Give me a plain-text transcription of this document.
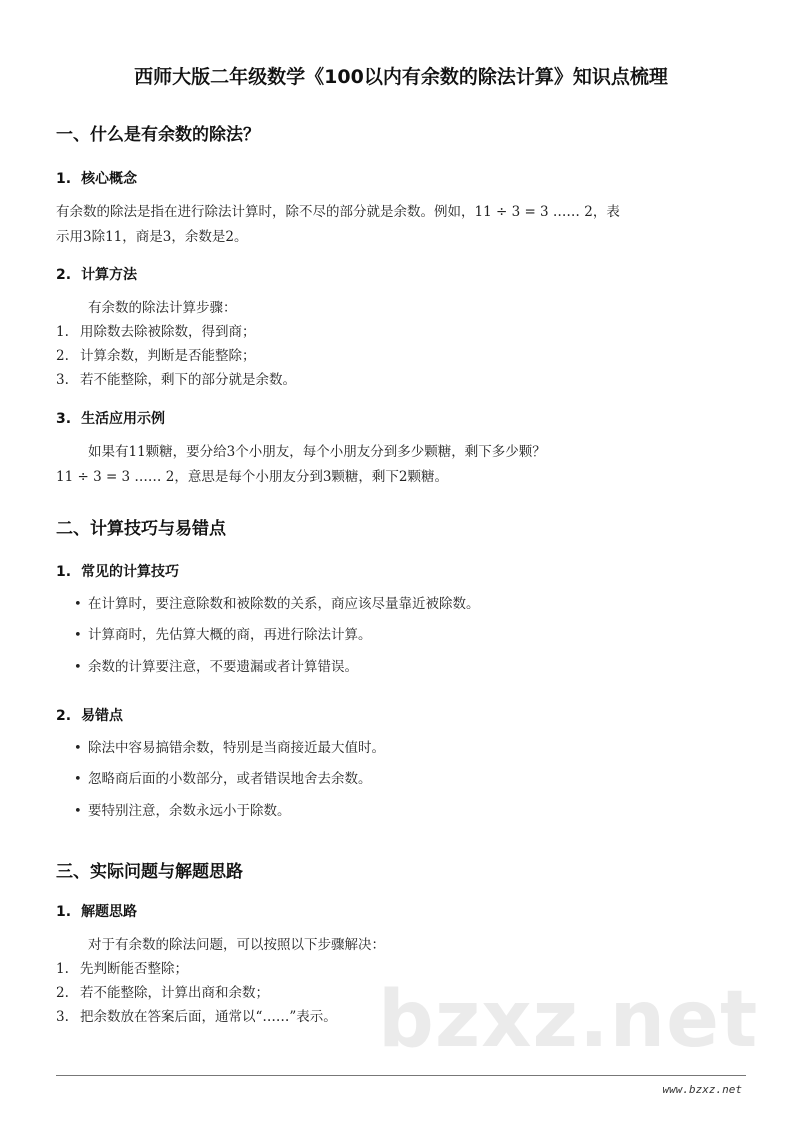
西师大版二年级数学《100以内有余数的除法计算》知识点梳理
一、什么是有余数的除法？
1. 核心概念

有余数的除法是指在进行除法计算时，除不尽的部分就是余数。例如，11 ÷ 3 = 3 …… 2，表

示用3除11，商是3，余数是2。

2. 计算方法

有余数的除法计算步骤：

1. 用除数去除被除数，得到商；

2. 计算余数，判断是否能整除；

3. 若不能整除，剩下的部分就是余数。

3. 生活应用示例

如果有11颗糖，要分给3个小朋友，每个小朋友分到多少颗糖，剩下多少颗？

11 ÷ 3 = 3 …… 2，意思是每个小朋友分到3颗糖，剩下2颗糖。

二、计算技巧与易错点
1. 常见的计算技巧

• 在计算时，要注意除数和被除数的关系，商应该尽量靠近被除数。

• 计算商时，先估算大概的商，再进行除法计算。

• 余数的计算要注意，不要遗漏或者计算错误。

2. 易错点

• 除法中容易搞错余数，特别是当商接近最大值时。

• 忽略商后面的小数部分，或者错误地舍去余数。

• 要特别注意，余数永远小于除数。

三、实际问题与解题思路
1. 解题思路

对于有余数的除法问题，可以按照以下步骤解决：

1. 先判断能否整除；

2. 若不能整除，计算出商和余数；

3. 把余数放在答案后面，通常以“……”表示。 bzxz.net
www.bzxz.net
